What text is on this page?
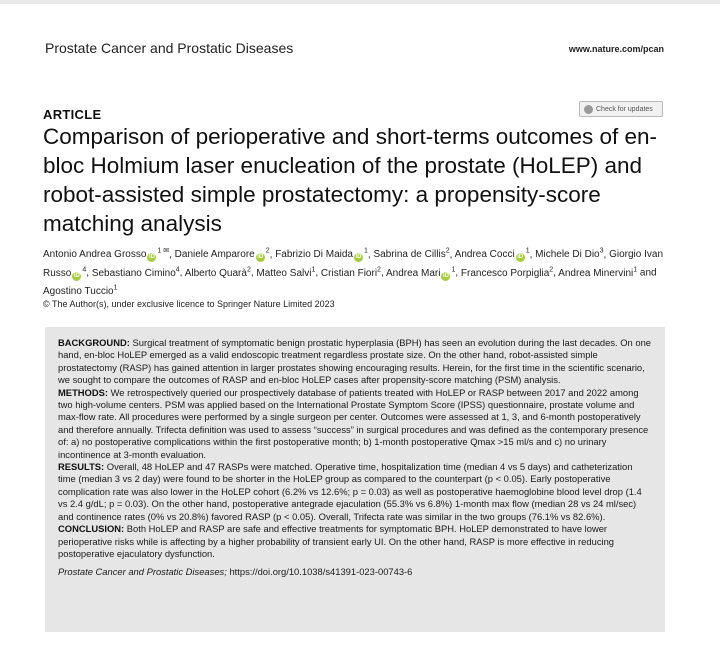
Prostate Cancer and Prostatic Diseases	www.nature.com/pcan
ARTICLE	Check for updates
Comparison of perioperative and short-terms outcomes of en-bloc Holmium laser enucleation of the prostate (HoLEP) and robot-assisted simple prostatectomy: a propensity-score matching analysis
Antonio Andrea Grosso $iD^{1 ✉}$, Daniele Amparore $iD^2$, Fabrizio Di Maida $iD^1$, Sabrina de Cillis$^2$, Andrea Cocci $iD^1$, Michele Di Dio$^3$, Giorgio Ivan Russo $iD^4$, Sebastiano Cimino$^4$, Alberto Quarà$^2$, Matteo Salvi$^1$, Cristian Fiori$^2$, Andrea Mari $iD^1$, Francesco Porpiglia$^2$, Andrea Minervini$^1$ and Agostino Tuccio$^1$
© The Author(s), under exclusive licence to Springer Nature Limited 2023

BACKGROUND: Surgical treatment of symptomatic benign prostatic hyperplasia (BPH) has seen an evolution during the last decades. On one hand, en-bloc HoLEP emerged as a valid endoscopic treatment regardless prostate size. On the other hand, robot-assisted simple prostatectomy (RASP) has gained attention in larger prostates showing encouraging results. Herein, for the first time in the scientific scenario, we sought to compare the outcomes of RASP and en-bloc HoLEP cases after propensity-score matching (PSM) analysis.

METHODS: We retrospectively queried our prospectively database of patients treated with HoLEP or RASP between 2017 and 2022 among two high-volume centers. PSM was applied based on the International Prostate Symptom Score (IPSS) questionnaire, prostate volume and max-flow rate. All procedures were performed by a single surgeon per center. Outcomes were assessed at 1, 3, and 6-month postoperatively and therefore annually. Trifecta definition was used to assess “success” in surgical procedures and was defined as the contemporary presence of: a) no postoperative complications within the first postoperative month; b) 1-month postoperative Qmax >15 ml/s and c) no urinary incontinence at 3-month evaluation.

RESULTS: Overall, 48 HoLEP and 47 RASPs were matched. Operative time, hospitalization time (median 4 vs 5 days) and catheterization time (median 3 vs 2 day) were found to be shorter in the HoLEP group as compared to the counterpart (p < 0.05). Early postoperative complication rate was also lower in the HoLEP cohort (6.2% vs 12.6%; p = 0.03) as well as postoperative haemoglobine blood level drop (1.4 vs 2.4 g/dL; p = 0.03). On the other hand, postoperative antegrade ejaculation (55.3% vs 6.8%) 1-month max flow (median 28 vs 24 ml/sec) and continence rates (0% vs 20.8%) favored RASP (p < 0.05). Overall, Trifecta rate was similar in the two groups (76.1% vs 82.6%).

CONCLUSION: Both HoLEP and RASP are safe and effective treatments for symptomatic BPH. HoLEP demonstrated to have lower perioperative risks while is affecting by a higher probability of transient early UI. On the other hand, RASP is more effective in reducing postoperative ejaculatory dysfunction.

Prostate Cancer and Prostatic Diseases; https://doi.org/10.1038/s41391-023-00743-6
